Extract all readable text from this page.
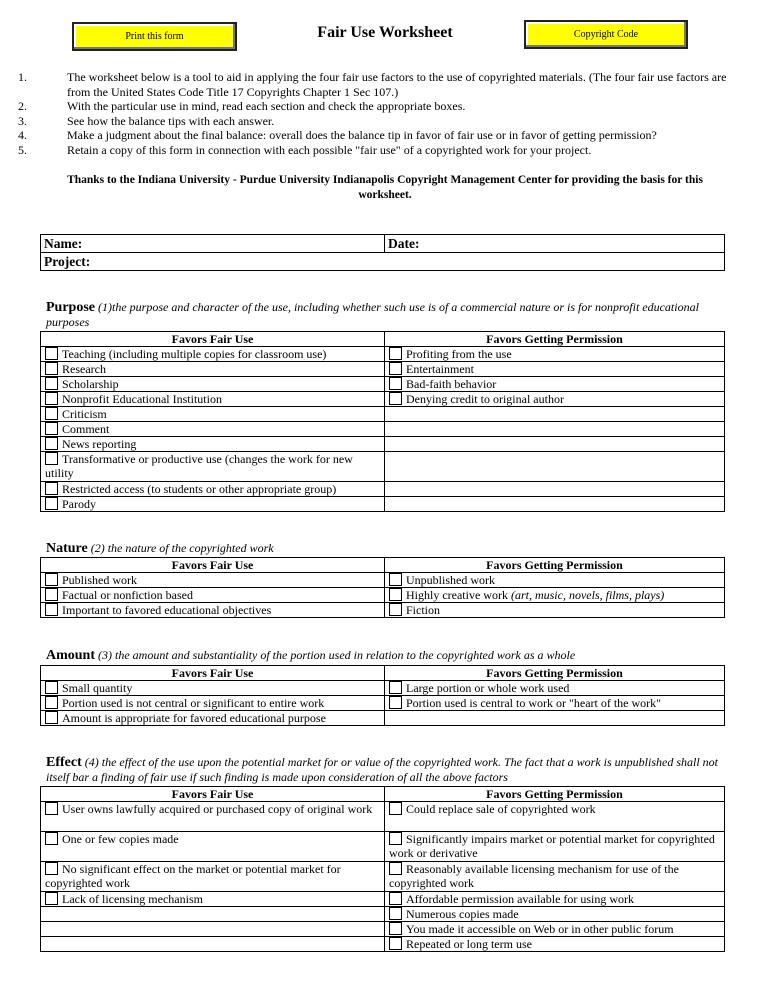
Print this form	Fair Use Worksheet	Copyright Code
1.	The worksheet below is a tool to aid in applying the four fair use factors to the use of copyrighted materials. (The four fair use factors are from the United States Code Title 17 Copyrights Chapter 1 Sec 107.)
2.	With the particular use in mind, read each section and check the appropriate boxes.
3.	See how the balance tips with each answer.
4.	Make a judgment about the final balance: overall does the balance tip in favor of fair use or in favor of getting permission?
5.	Retain a copy of this form in connection with each possible "fair use" of a copyrighted work for your project.
Thanks to the Indiana University - Purdue University Indianapolis Copyright Management Center for providing the basis for this worksheet.
Name:	Date:
Project:
Purpose (1)the purpose and character of the use, including whether such use is of a commercial nature or is for nonprofit educational purposes
Favors Fair Use	Favors Getting Permission
Teaching (including multiple copies for classroom use)	Profiting from the use
Research	Entertainment
Scholarship	Bad-faith behavior
Nonprofit Educational Institution	Denying credit to original author
Criticism	
Comment	
News reporting	
Transformative or productive use (changes the work for new utility	
Restricted access (to students or other appropriate group)	
Parody	
Nature (2) the nature of the copyrighted work
Favors Fair Use	Favors Getting Permission
Published work	Unpublished work
Factual or nonfiction based	Highly creative work (art, music, novels, films, plays)
Important to favored educational objectives	Fiction
Amount (3) the amount and substantiality of the portion used in relation to the copyrighted work as a whole
Favors Fair Use	Favors Getting Permission
Small quantity	Large portion or whole work used
Portion used is not central or significant to entire work	Portion used is central to work or "heart of the work"
Amount is appropriate for favored educational purpose	
Effect (4) the effect of the use upon the potential market for or value of the copyrighted work. The fact that a work is unpublished shall not itself bar a finding of fair use if such finding is made upon consideration of all the above factors
Favors Fair Use	Favors Getting Permission
User owns lawfully acquired or purchased copy of original work	Could replace sale of copyrighted work
One or few copies made	Significantly impairs market or potential market for copyrighted work or derivative
No significant effect on the market or potential market for copyrighted work	Reasonably available licensing mechanism for use of the copyrighted work
Lack of licensing mechanism	Affordable permission available for using work
	Numerous copies made
	You made it accessible on Web or in other public forum
	Repeated or long term use
